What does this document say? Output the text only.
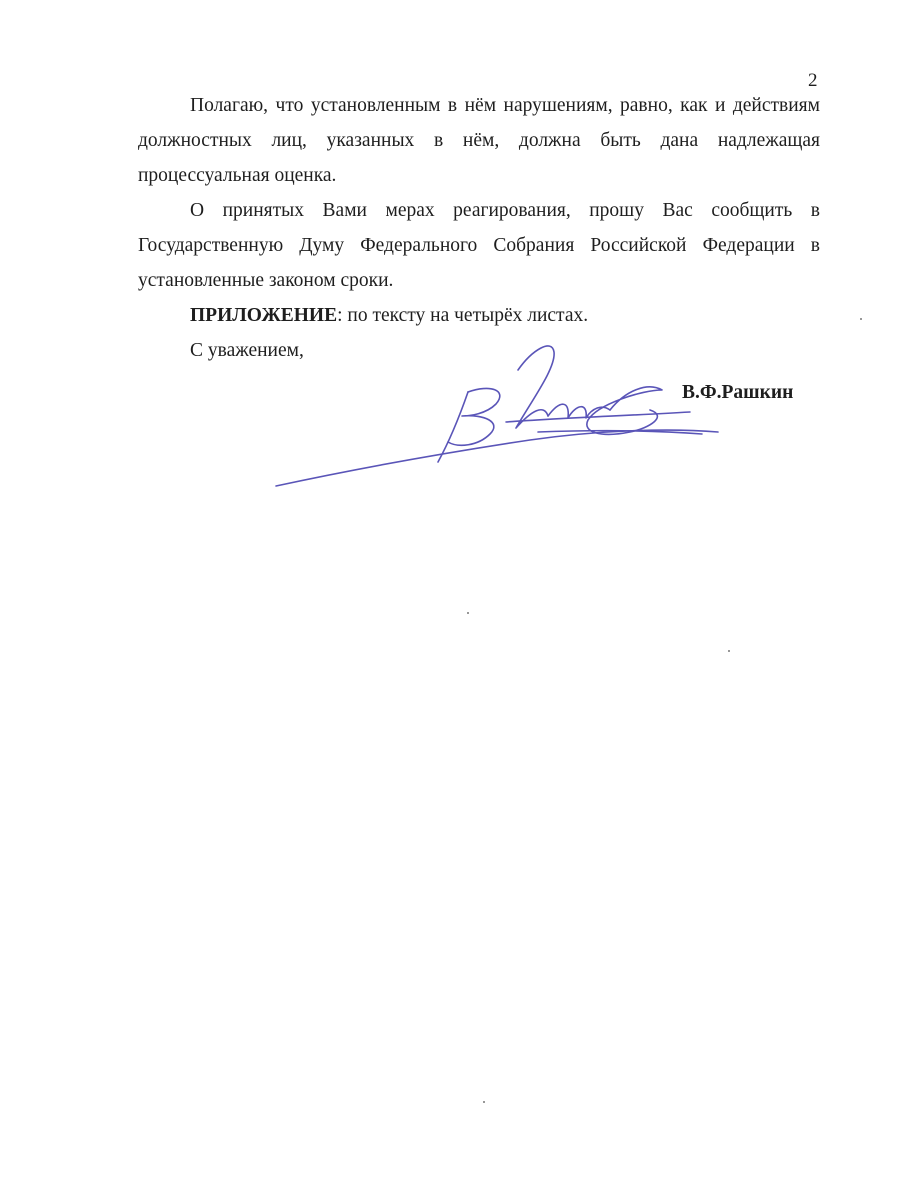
2

Полагаю, что установленным в нём нарушениям, равно, как и действиям должностных лиц, указанных в нём, должна быть дана надлежащая процессуальная оценка.

О принятых Вами мерах реагирования, прошу Вас сообщить в Государственную Думу Федерального Собрания Российской Федерации в установленные законом сроки.

ПРИЛОЖЕНИЕ: по тексту на четырёх листах.

С уважением,

В.Ф.Рашкин
